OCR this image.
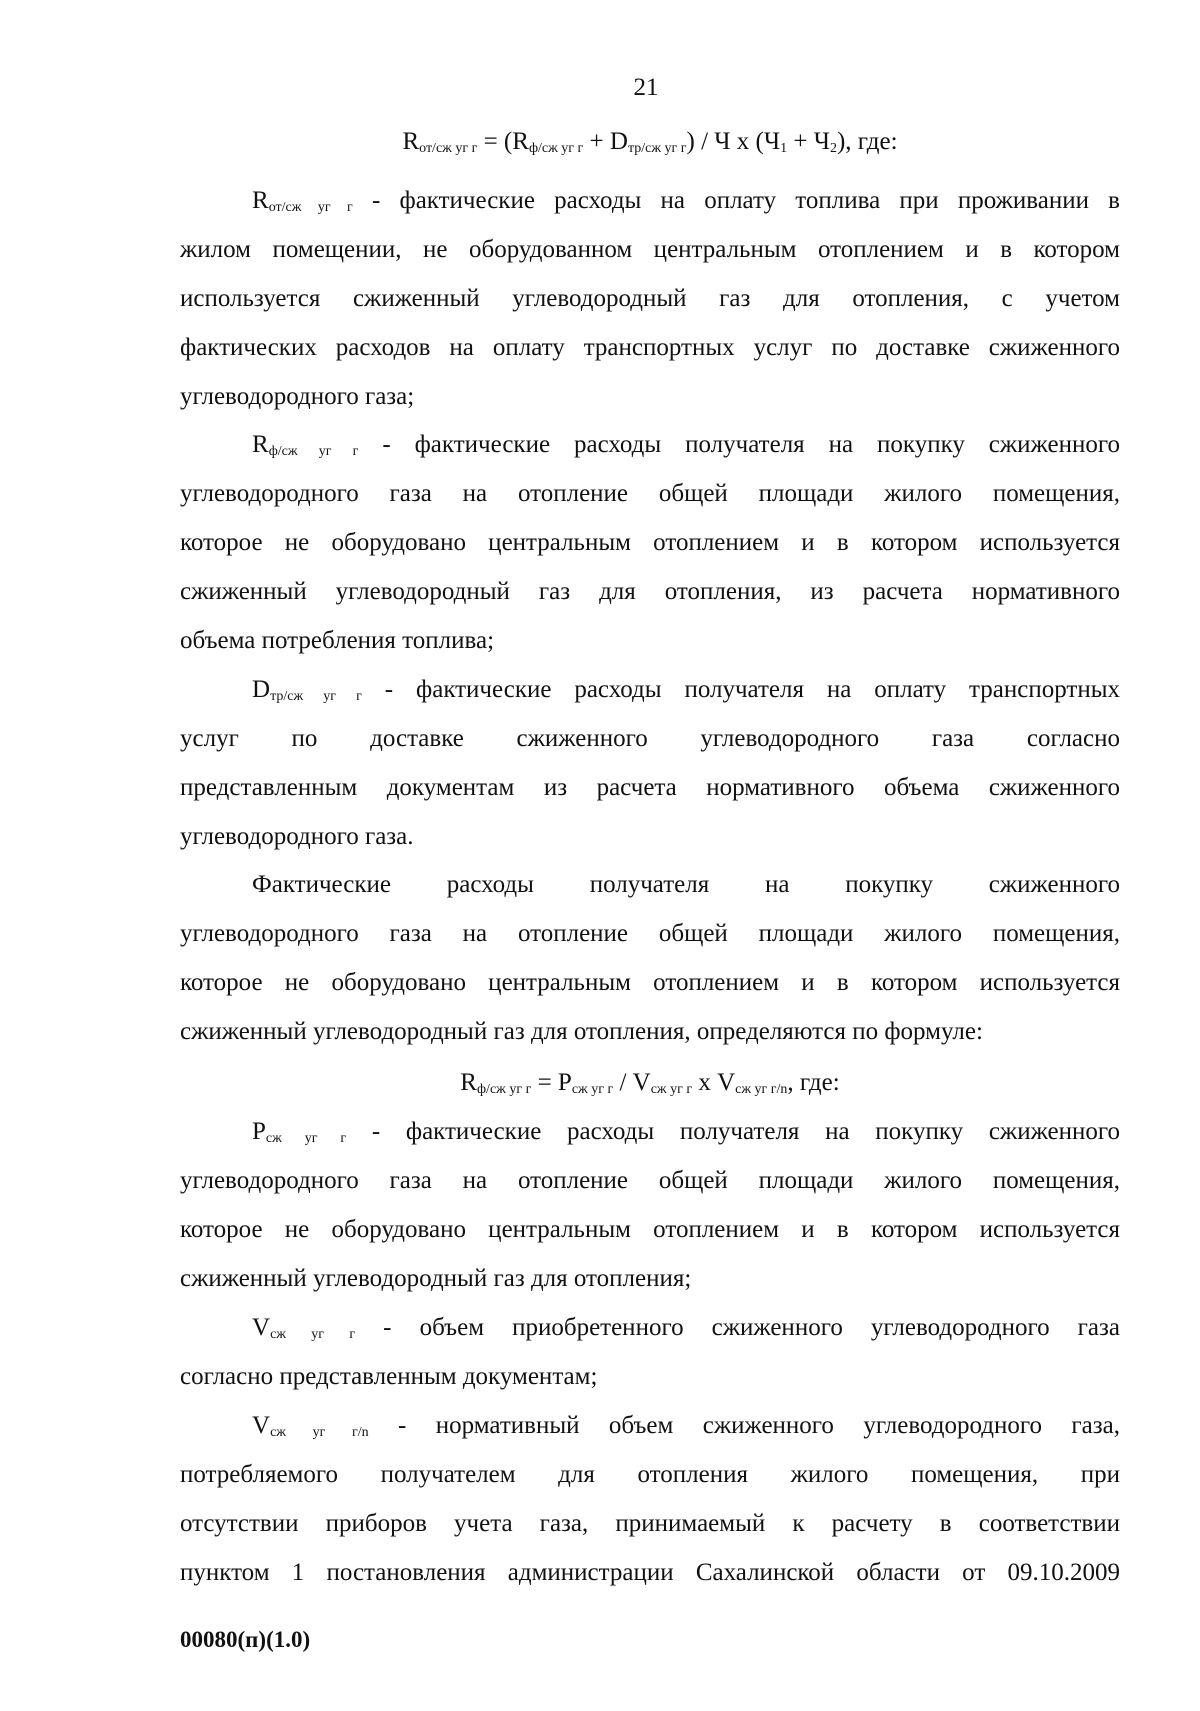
21
$R_{от/сж уг г} = (R_{ф/сж уг г} + D_{тр/сж уг г}) / Ч$ х $(Ч_1 + Ч_2)$, где:
$R_{от/сж уг г}$ - фактические расходы на оплату топлива при проживании в
жилом помещении, не оборудованном центральным отоплением и в котором
используется сжиженный углеводородный газ для отопления, с учетом
фактических расходов на оплату транспортных услуг по доставке сжиженного
углеводородного газа;
$R_{ф/сж уг г}$ - фактические расходы получателя на покупку сжиженного
углеводородного газа на отопление общей площади жилого помещения,
которое не оборудовано центральным отоплением и в котором используется
сжиженный углеводородный газ для отопления, из расчета нормативного
объема потребления топлива;
$D_{тр/сж уг г}$ - фактические расходы получателя на оплату транспортных
услуг по доставке сжиженного углеводородного газа согласно
представленным документам из расчета нормативного объема сжиженного
углеводородного газа.
Фактические расходы получателя на покупку сжиженного
углеводородного газа на отопление общей площади жилого помещения,
которое не оборудовано центральным отоплением и в котором используется
сжиженный углеводородный газ для отопления, определяются по формуле:
$R_{ф/сж уг г} = P_{сж уг г} / V_{сж уг г}$ х $V_{сж уг г/n}$, где:
$P_{сж уг г}$ - фактические расходы получателя на покупку сжиженного
углеводородного газа на отопление общей площади жилого помещения,
которое не оборудовано центральным отоплением и в котором используется
сжиженный углеводородный газ для отопления;
$V_{сж уг г}$ - объем приобретенного сжиженного углеводородного газа
согласно представленным документам;
$V_{сж уг г/n}$ - нормативный объем сжиженного углеводородного газа,
потребляемого получателем для отопления жилого помещения, при
отсутствии приборов учета газа, принимаемый к расчету в соответствии
пунктом 1 постановления администрации Сахалинской области от 09.10.2009
00080(п)(1.0)
